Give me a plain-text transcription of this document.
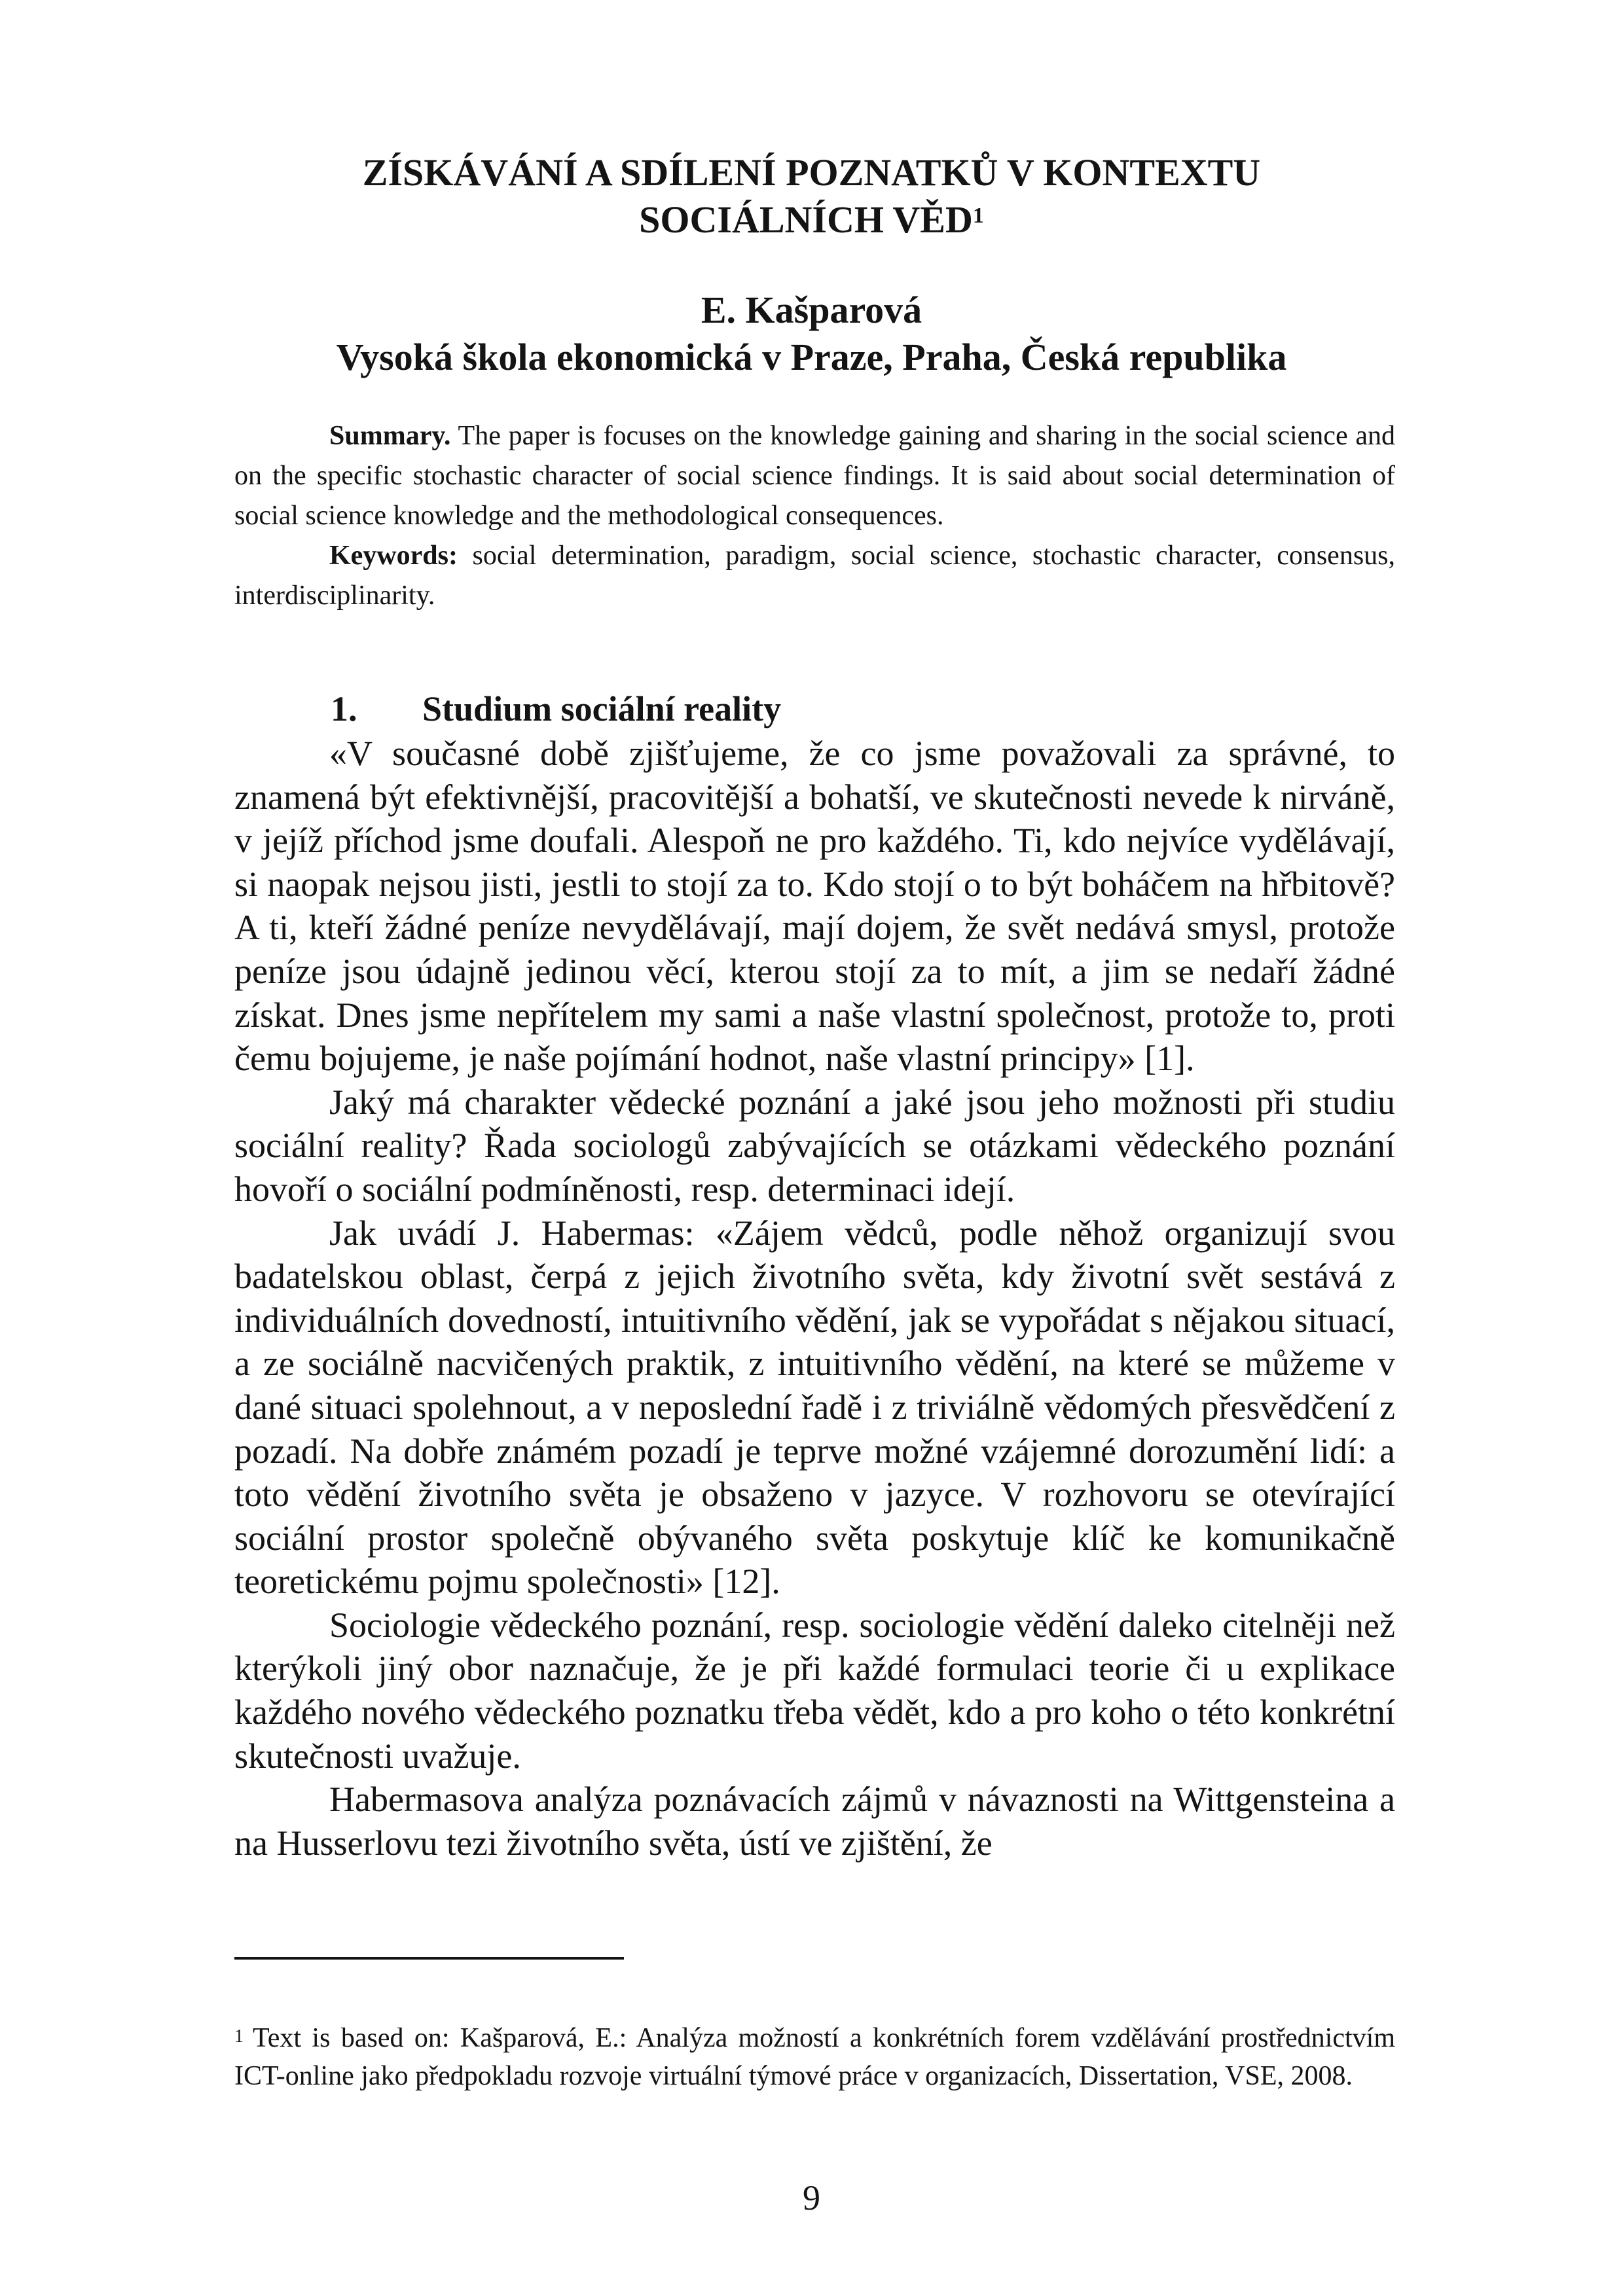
ZÍSKÁVÁNÍ A SDÍLENÍ POZNATKŮ V KONTEXTU
SOCIÁLNÍCH VĚD$^1$
E. Kašparová
Vysoká škola ekonomická v Praze, Praha, Česká republika

Summary. The paper is focuses on the knowledge gaining and sharing in the social science and on the specific stochastic character of social science findings. It is said about social determination of social science knowledge and the methodological consequences.

Keywords: social determination, paradigm, social science, stochastic character, consensus, interdisciplinarity.

1. Studium sociální reality

«V současné době zjišťujeme, že co jsme považovali za správné, to znamená být efektivnější, pracovitější a bohatší, ve skutečnosti nevede k nirváně, v jejíž příchod jsme doufali. Alespoň ne pro každého. Ti, kdo nejvíce vydělávají, si naopak nejsou jisti, jestli to stojí za to. Kdo stojí o to být boháčem na hřbitově? A ti, kteří žádné peníze nevydělávají, mají dojem, že svět nedává smysl, protože peníze jsou údajně jedinou věcí, kterou stojí za to mít, a jim se nedaří žádné získat. Dnes jsme nepřítelem my sami a naše vlastní společnost, protože to, proti čemu bojujeme, je naše pojímání hodnot, naše vlastní principy» [1].

Jaký má charakter vědecké poznání a jaké jsou jeho možnosti při studiu sociální reality? Řada sociologů zabývajících se otázkami vědeckého poznání hovoří o sociální podmíněnosti, resp. determinaci idejí.

Jak uvádí J. Habermas: «Zájem vědců, podle něhož organizují svou badatelskou oblast, čerpá z jejich životního světa, kdy životní svět sestává z individuálních dovedností, intuitivního vědění, jak se vypořádat s nějakou situací, a ze sociálně nacvičených praktik, z intuitivního vědění, na které se můžeme v dané situaci spolehnout, a v neposlední řadě i z triviálně vědomých přesvědčení z pozadí. Na dobře známém pozadí je teprve možné vzájemné dorozumění lidí: a toto vědění životního světa je obsaženo v jazyce. V rozhovoru se otevírající sociální prostor společně obývaného světa poskytuje klíč ke komunikačně teoretickému pojmu společnosti» [12].

Sociologie vědeckého poznání, resp. sociologie vědění daleko citelněji než kterýkoli jiný obor naznačuje, že je při každé formulaci teorie či u explikace každého nového vědeckého poznatku třeba vědět, kdo a pro koho o této konkrétní skutečnosti uvažuje.

Habermasova analýza poznávacích zájmů v návaznosti na Wittgensteina a na Husserlovu tezi životního světa, ústí ve zjištění, že

$^1$ Text is based on: Kašparová, E.: Analýza možností a konkrétních forem vzdělávání prostřednictvím ICT-online jako předpokladu rozvoje virtuální týmové práce v organizacích, Dissertation, VSE, 2008.
9
